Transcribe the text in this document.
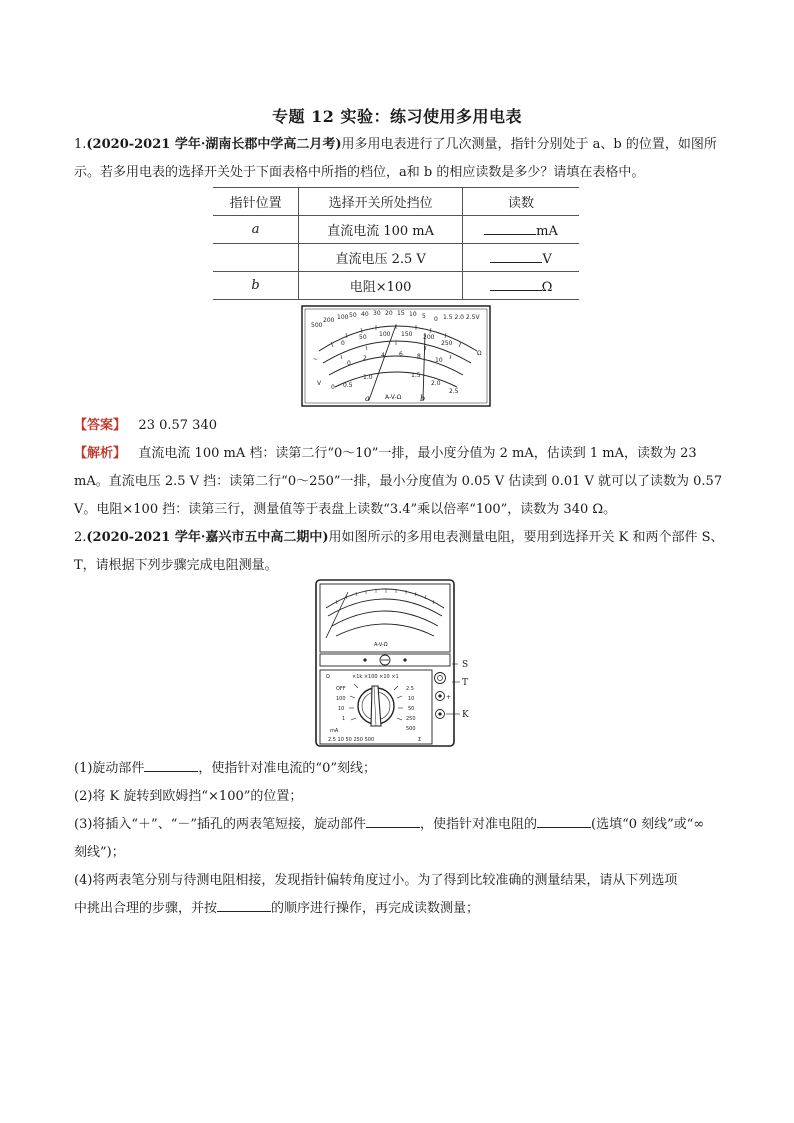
专题 12 实验：练习使用多用电表
1.(2020-2021 学年·湖南长郡中学高二月考)用多用电表进行了几次测量，指针分别处于 a、b 的位置，如图所
示。若多用电表的选择开关处于下面表格中所指的档位，a和 b 的相应读数是多少？请填在表格中。
指针位置	选择开关所处挡位	读数
a	直流电流 100 mA	mA
	直流电压 2.5 V	V
b	电阻×100	Ω
500
200 100 50 40 30 20 15 10 5 0 1.5 2.0 2.5V
0
50 100 150 200
250
0
2 4 6 8
10
0 0.5
1.0	1.5
2.0
2.5
Ω
V
~
A-V-Ω
a	b
【答案】 23 0.57 340
【解析】 直流电流 100 mA 档：读第二行“0～10”一排，最小度分值为 2 mA，估读到 1 mA，读数为 23
mA。直流电压 2.5 V 挡：读第二行“0～250”一排，最小分度值为 0.05 V 估读到 0.01 V 就可以了读数为 0.57
V。电阻×100 挡：读第三行，测量值等于表盘上读数“3.4”乘以倍率“100”，读数为 340 Ω。
2.(2020-2021 学年·嘉兴市五中高二期中)用如图所示的多用电表测量电阻，要用到选择开关 K 和两个部件 S、
T，请根据下列步骤完成电阻测量。
A-V-Ω
Ω	×1k ×100 ×10 ×1
OFF
100
10
1
mA
2.5
10
50
250
500
2.5 10 50 250 500	Σ
+
S
T
K
(1)旋动部件	，使指针对准电流的“0”刻线；
(2)将 K 旋转到欧姆挡“×100”的位置；
(3)将插入“＋”、“－”插孔的两表笔短接，旋动部件	，使指针对准电阻的	(选填“0 刻线”或“∞
刻线”)；
(4)将两表笔分别与待测电阻相接，发现指针偏转角度过小。为了得到比较准确的测量结果，请从下列选项
中挑出合理的步骤，并按	的顺序进行操作，再完成读数测量；
